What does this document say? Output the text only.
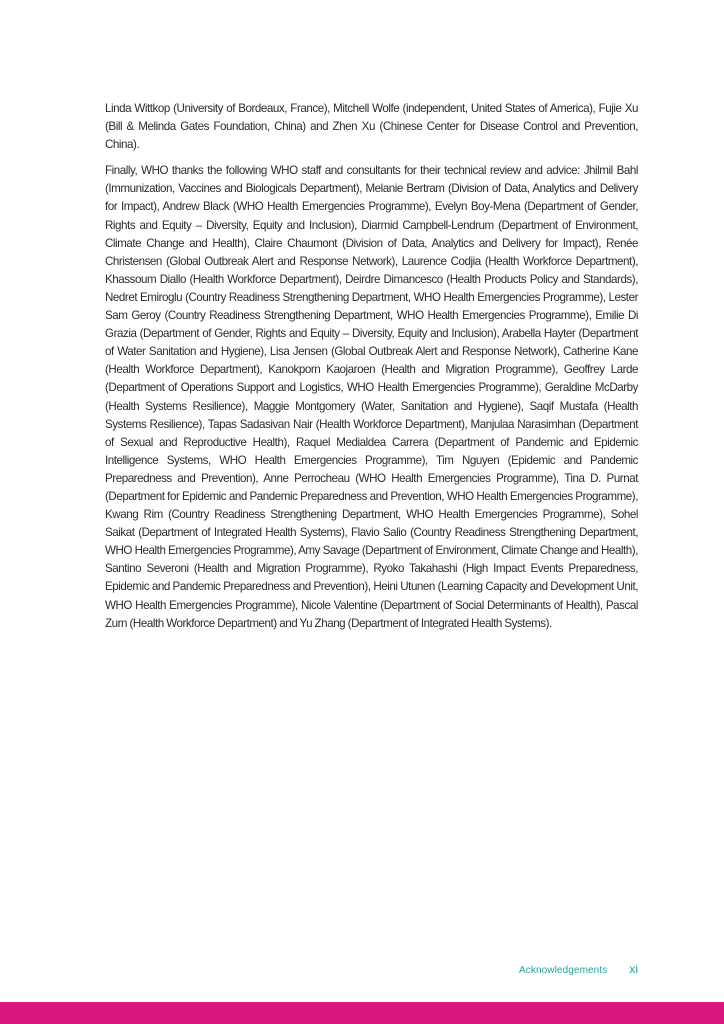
Linda Wittkop (University of Bordeaux, France), Mitchell Wolfe (independent, United States of America), Fujie Xu (Bill & Melinda Gates Foundation, China) and Zhen Xu (Chinese Center for Disease Control and Prevention, China).

Finally, WHO thanks the following WHO staff and consultants for their technical review and advice: Jhilmil Bahl (Immunization, Vaccines and Biologicals Department), Melanie Bertram (Division of Data, Analytics and Delivery for Impact), Andrew Black (WHO Health Emergencies Programme), Evelyn Boy-Mena (Department of Gender, Rights and Equity – Diversity, Equity and Inclusion), Diarmid Campbell-Lendrum (Department of Environment, Climate Change and Health), Claire Chaumont (Division of Data, Analytics and Delivery for Impact), Renée Christensen (Global Outbreak Alert and Response Network), Laurence Codjia (Health Workforce Department), Khassoum Diallo (Health Workforce Department), Deirdre Dimancesco (Health Products Policy and Standards), Nedret Emiroglu (Country Readiness Strengthening Department, WHO Health Emergencies Programme), Lester Sam Geroy (Country Readiness Strengthening Department, WHO Health Emergencies Programme), Emilie Di Grazia (Department of Gender, Rights and Equity – Diversity, Equity and Inclusion), Arabella Hayter (Department of Water Sanitation and Hygiene), Lisa Jensen (Global Outbreak Alert and Response Network), Catherine Kane (Health Workforce Department), Kanokporn Kaojaroen (Health and Migration Programme), Geoffrey Larde (Department of Operations Support and Logistics, WHO Health Emergencies Programme), Geraldine McDarby (Health Systems Resilience), Maggie Montgomery (Water, Sanitation and Hygiene), Saqif Mustafa (Health Systems Resilience), Tapas Sadasivan Nair (Health Workforce Department), Manjulaa Narasimhan (Department of Sexual and Reproductive Health), Raquel Medialdea Carrera (Department of Pandemic and Epidemic Intelligence Systems, WHO Health Emergencies Programme), Tim Nguyen (Epidemic and Pandemic Preparedness and Prevention), Anne Perrocheau (WHO Health Emergencies Programme), Tina D. Purnat (Department for Epidemic and Pandemic Preparedness and Prevention, WHO Health Emergencies Programme), Kwang Rim (Country Readiness Strengthening Department, WHO Health Emergencies Programme), Sohel Saikat (Department of Integrated Health Systems), Flavio Salio (Country Readiness Strengthening Department, WHO Health Emergencies Programme), Amy Savage (Department of Environment, Climate Change and Health), Santino Severoni (Health and Migration Programme), Ryoko Takahashi (High Impact Events Preparedness, Epidemic and Pandemic Preparedness and Prevention), Heini Utunen (Learning Capacity and Development Unit, WHO Health Emergencies Programme), Nicole Valentine (Department of Social Determinants of Health), Pascal Zurn (Health Workforce Department) and Yu Zhang (Department of Integrated Health Systems).

Acknowledgements xi
